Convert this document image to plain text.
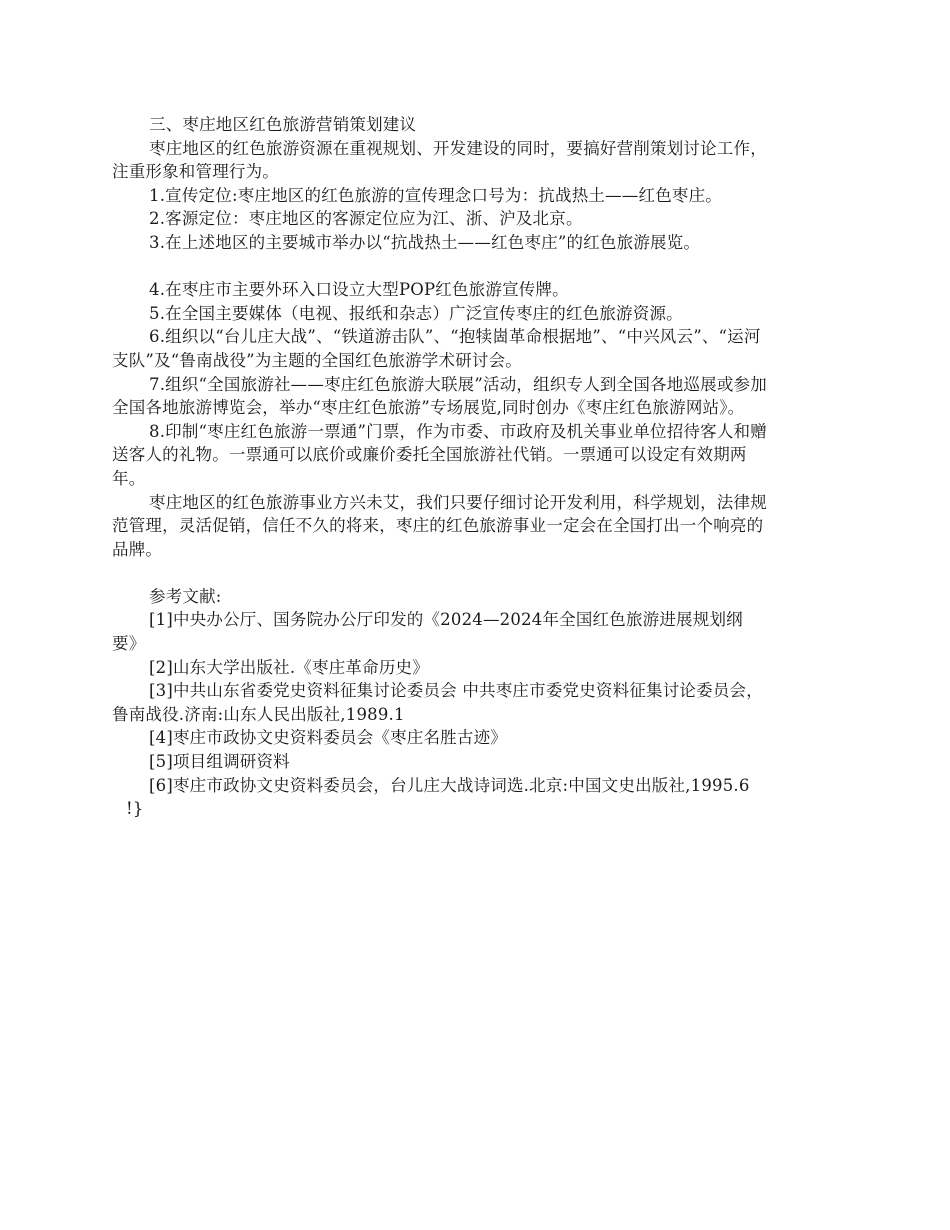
三、枣庄地区红色旅游营销策划建议

枣庄地区的红色旅游资源在重视规划、开发建设的同时，要搞好营削策划讨论工作，注重形象和管理行为。

1.宣传定位:枣庄地区的红色旅游的宣传理念口号为：抗战热土——红色枣庄。

2.客源定位：枣庄地区的客源定位应为江、浙、沪及北京。

3.在上述地区的主要城市举办以“抗战热土——红色枣庄”的红色旅游展览。

4.在枣庄市主要外环入口设立大型POP红色旅游宣传牌。

5.在全国主要媒体（电视、报纸和杂志）广泛宣传枣庄的红色旅游资源。

6.组织以“台儿庄大战”、“铁道游击队”、“抱犊崮革命根据地”、“中兴风云”、“运河支队”及“鲁南战役”为主题的全国红色旅游学术研讨会。

7.组织“全国旅游社——枣庄红色旅游大联展”活动，组织专人到全国各地巡展或参加全国各地旅游博览会，举办“枣庄红色旅游”专场展览,同时创办《枣庄红色旅游网站》。

8.印制“枣庄红色旅游一票通”门票，作为市委、市政府及机关事业单位招待客人和赠送客人的礼物。一票通可以底价或廉价委托全国旅游社代销。一票通可以设定有效期两年。

枣庄地区的红色旅游事业方兴未艾，我们只要仔细讨论开发利用，科学规划，法律规范管理，灵活促销，信任不久的将来，枣庄的红色旅游事业一定会在全国打出一个响亮的品牌。

参考文献:

[1]中央办公厅、国务院办公厅印发的《2024—2024年全国红色旅游进展规划纲要》

[2]山东大学出版社.《枣庄革命历史》

[3]中共山东省委党史资料征集讨论委员会 中共枣庄市委党史资料征集讨论委员会，鲁南战役.济南:山东人民出版社,1989.1

[4]枣庄市政协文史资料委员会《枣庄名胜古迹》

[5]项目组调研资料

[6]枣庄市政协文史资料委员会，台儿庄大战诗词选.北京:中国文史出版社,1995.6

!}
